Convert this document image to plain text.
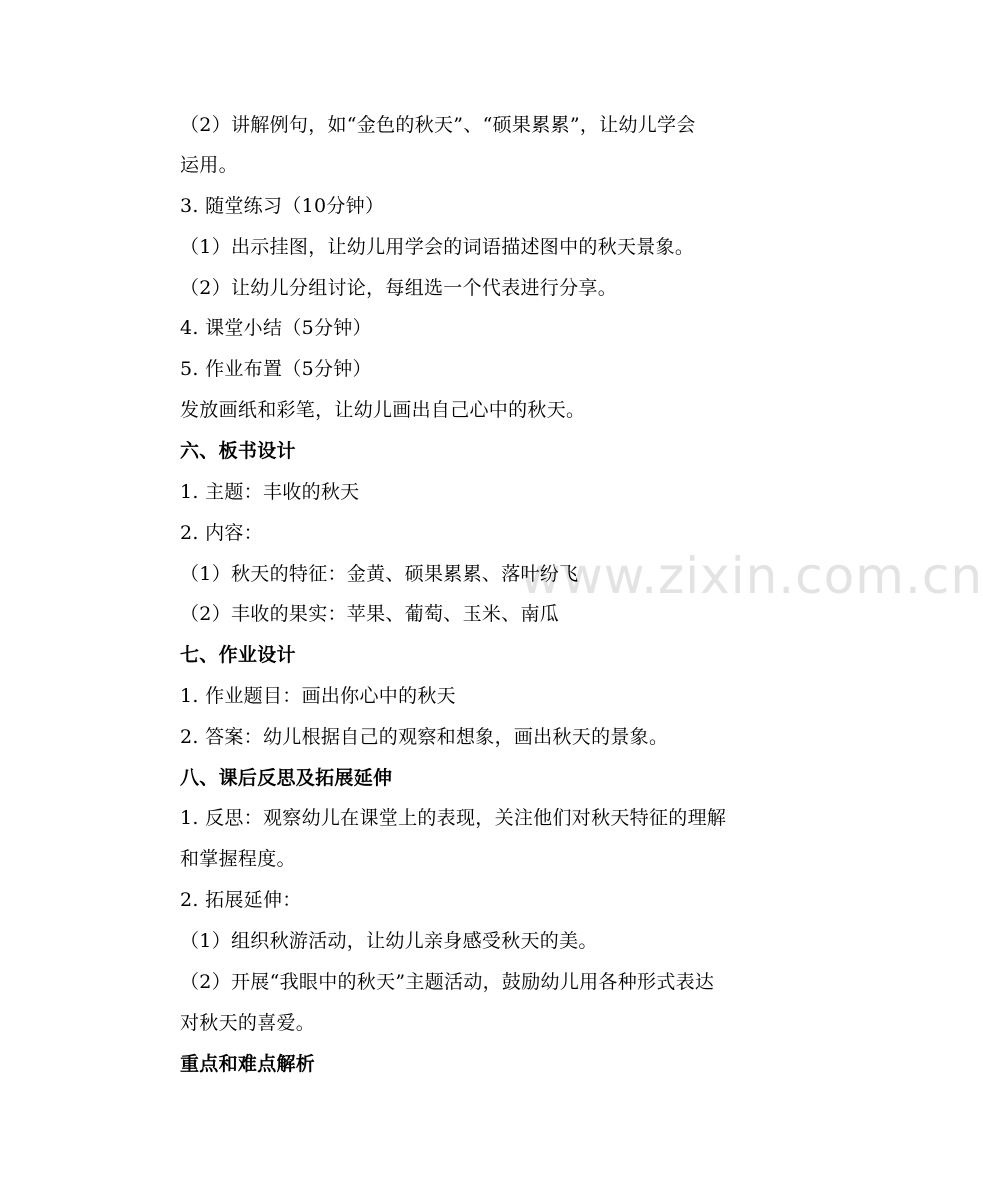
www.zixin.com.cn
（2）讲解例句，如“金色的秋天”、“硕果累累”，让幼儿学会
运用。
3. 随堂练习（10分钟）
（1）出示挂图，让幼儿用学会的词语描述图中的秋天景象。
（2）让幼儿分组讨论，每组选一个代表进行分享。
4. 课堂小结（5分钟）
5. 作业布置（5分钟）
发放画纸和彩笔，让幼儿画出自己心中的秋天。
六、板书设计
1. 主题：丰收的秋天
2. 内容：
（1）秋天的特征：金黄、硕果累累、落叶纷飞
（2）丰收的果实：苹果、葡萄、玉米、南瓜
七、作业设计
1. 作业题目：画出你心中的秋天
2. 答案：幼儿根据自己的观察和想象，画出秋天的景象。
八、课后反思及拓展延伸
1. 反思：观察幼儿在课堂上的表现，关注他们对秋天特征的理解
和掌握程度。
2. 拓展延伸：
（1）组织秋游活动，让幼儿亲身感受秋天的美。
（2）开展“我眼中的秋天”主题活动，鼓励幼儿用各种形式表达
对秋天的喜爱。
重点和难点解析
